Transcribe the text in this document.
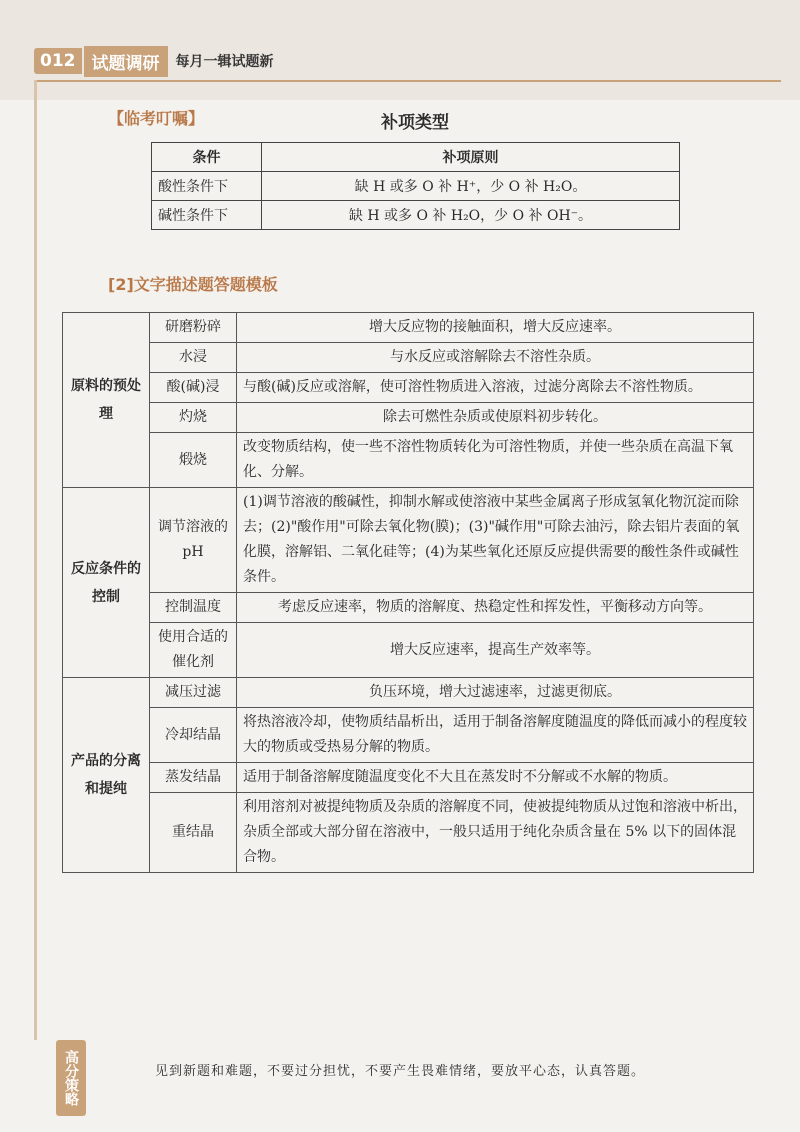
012 试题调研	每月一辑试题新
【临考叮嘱】	补项类型
条件	补项原则
酸性条件下	缺 H 或多 O 补 H⁺，少 O 补 H₂O。
碱性条件下	缺 H 或多 O 补 H₂O，少 O 补 OH⁻。
[2]文字描述题答题模板
原料的预处理	研磨粉碎	增大反应物的接触面积，增大反应速率。
	水浸	与水反应或溶解除去不溶性杂质。
	酸(碱)浸	与酸(碱)反应或溶解，使可溶性物质进入溶液，过滤分离除去不溶性物质。
	灼烧	除去可燃性杂质或使原料初步转化。
	煅烧	改变物质结构，使一些不溶性物质转化为可溶性物质，并使一些杂质在高温下氧化、分解。
反应条件的控制	调节溶液的 pH	(1)调节溶液的酸碱性，抑制水解或使溶液中某些金属离子形成氢氧化物沉淀而除去；(2)"酸作用"可除去氧化物(膜)；(3)"碱作用"可除去油污，除去铝片表面的氧化膜，溶解铝、二氧化硅等；(4)为某些氧化还原反应提供需要的酸性条件或碱性条件。
	控制温度	考虑反应速率，物质的溶解度、热稳定性和挥发性，平衡移动方向等。
	使用合适的催化剂	增大反应速率，提高生产效率等。
产品的分离和提纯	减压过滤	负压环境，增大过滤速率，过滤更彻底。
	冷却结晶	将热溶液冷却，使物质结晶析出，适用于制备溶解度随温度的降低而减小的程度较大的物质或受热易分解的物质。
	蒸发结晶	适用于制备溶解度随温度变化不大且在蒸发时不分解或不水解的物质。
	重结晶	利用溶剂对被提纯物质及杂质的溶解度不同，使被提纯物质从过饱和溶液中析出，杂质全部或大部分留在溶液中，一般只适用于纯化杂质含量在 5% 以下的固体混合物。
高分策略	见到新题和难题，不要过分担忧，不要产生畏难情绪，要放平心态，认真答题。
